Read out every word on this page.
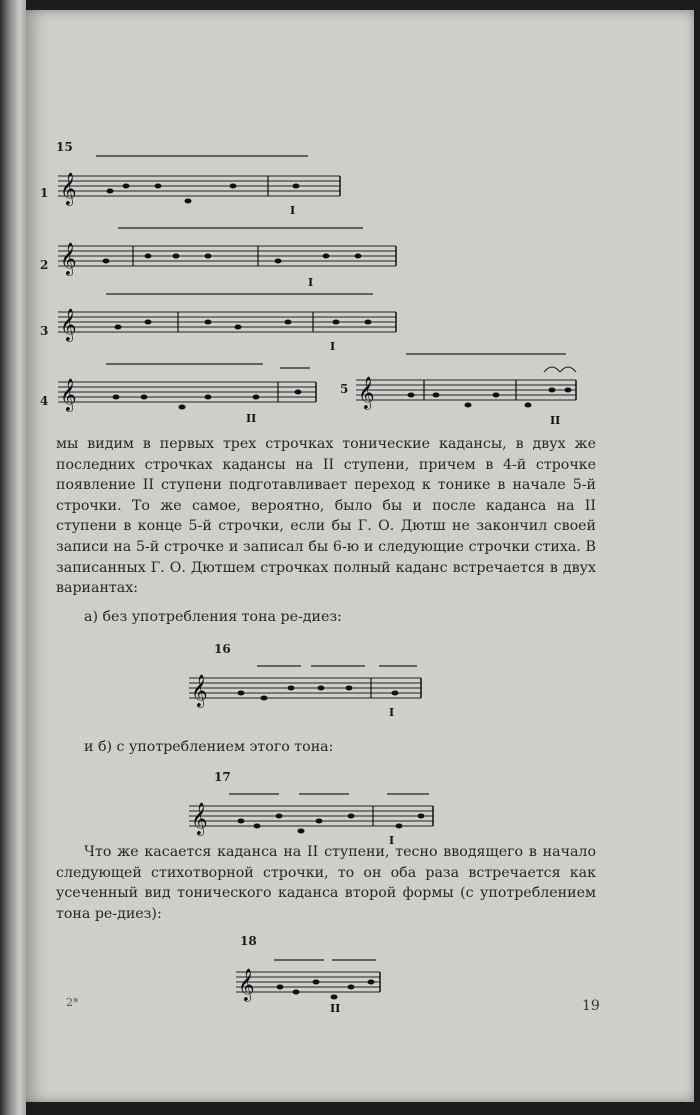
15
1 𝄞
I
2 𝄞
I
3 𝄞
I
4 𝄞
II
5 𝄞
II
мы видим в первых трех строчках тонические кадансы, в двух же последних строчках кадансы на II ступени, причем в 4-й строчке появление II ступени подготавливает переход к тонике в начале 5-й строчки. То же самое, вероятно, было бы и после каданса на II ступени в конце 5-й строчки, если бы Г. О. Дютш не закончил своей записи на 5-й строчке и записал бы 6-ю и следующие строчки стиха. В записанных Г. О. Дютшем строчках полный каданс встречается в двух вариантах:
а) без употребления тона ре-диез:
16
𝄞
I
и б) с употреблением этого тона:
17
𝄞
I
Что же касается каданса на II ступени, тесно вводящего в начало следующей стихотворной строчки, то он оба раза встречается как усеченный вид тонического каданса второй формы (с употреблением тона ре-диез):
18
𝄞
II
2*	19
